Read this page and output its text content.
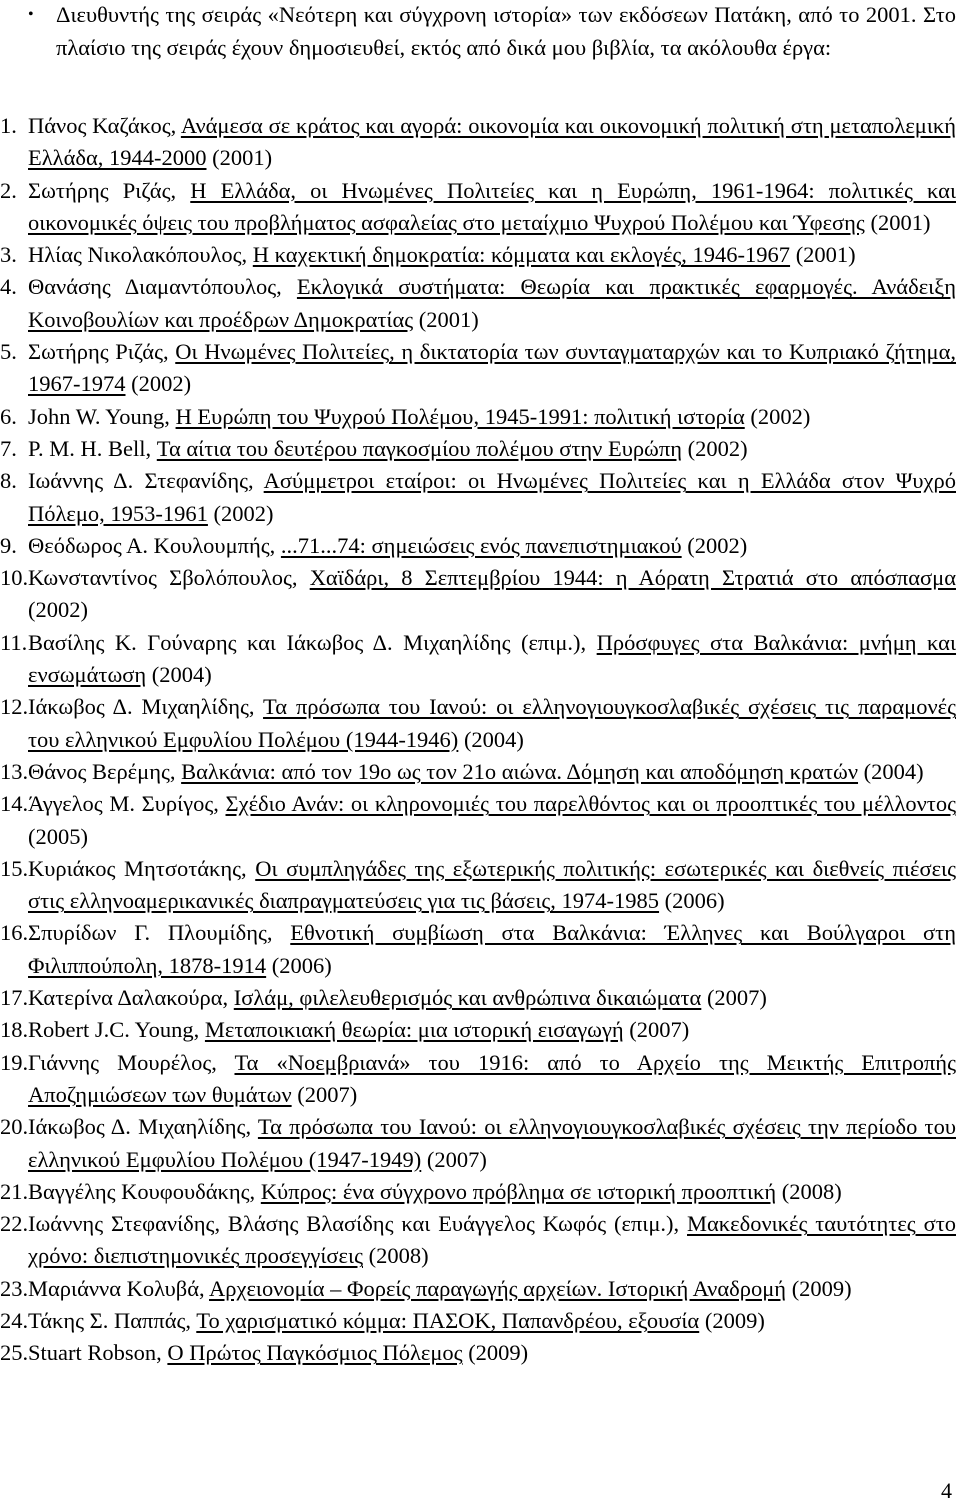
• Διευθυντής της σειράς «Νεότερη και σύγχρονη ιστορία» των εκδόσεων Πατάκη, από το 2001. Στο πλαίσιο της σειράς έχουν δημοσιευθεί, εκτός από δικά μου βιβλία, τα ακόλουθα έργα:
1. Πάνος Καζάκος, Ανάμεσα σε κράτος και αγορά: οικονομία και οικονομική πολιτική στη μεταπολεμική Ελλάδα, 1944-2000 (2001)
2. Σωτήρης Ριζάς, Η Ελλάδα, οι Ηνωμένες Πολιτείες και η Ευρώπη, 1961-1964: πολιτικές και οικονομικές όψεις του προβλήματος ασφαλείας στο μεταίχμιο Ψυχρού Πολέμου και Ύφεσης (2001)
3. Ηλίας Νικολακόπουλος, Η καχεκτική δημοκρατία: κόμματα και εκλογές, 1946-1967 (2001)
4. Θανάσης Διαμαντόπουλος, Εκλογικά συστήματα: Θεωρία και πρακτικές εφαρμογές. Ανάδειξη Κοινοβουλίων και προέδρων Δημοκρατίας (2001)
5. Σωτήρης Ριζάς, Οι Ηνωμένες Πολιτείες, η δικτατορία των συνταγματαρχών και το Κυπριακό ζήτημα, 1967-1974 (2002)
6. John W. Young, Η Ευρώπη του Ψυχρού Πολέμου, 1945-1991: πολιτική ιστορία (2002)
7. P. M. H. Bell, Τα αίτια του δευτέρου παγκοσμίου πολέμου στην Ευρώπη (2002)
8. Ιωάννης Δ. Στεφανίδης, Ασύμμετροι εταίροι: οι Ηνωμένες Πολιτείες και η Ελλάδα στον Ψυχρό Πόλεμο, 1953-1961 (2002)
9. Θεόδωρος Α. Κουλουμπής, ...71...74: σημειώσεις ενός πανεπιστημιακού (2002)
10. Κωνσταντίνος Σβολόπουλος, Χαϊδάρι, 8 Σεπτεμβρίου 1944: η Αόρατη Στρατιά στο απόσπασμα (2002)
11. Βασίλης Κ. Γούναρης και Ιάκωβος Δ. Μιχαηλίδης (επιμ.), Πρόσφυγες στα Βαλκάνια: μνήμη και ενσωμάτωση (2004)
12. Ιάκωβος Δ. Μιχαηλίδης, Τα πρόσωπα του Ιανού: οι ελληνογιουγκοσλαβικές σχέσεις τις παραμονές του ελληνικού Εμφυλίου Πολέμου (1944-1946) (2004)
13. Θάνος Βερέμης, Βαλκάνια: από τον 19ο ως τον 21ο αιώνα. Δόμηση και αποδόμηση κρατών (2004)
14. Άγγελος Μ. Συρίγος, Σχέδιο Ανάν: οι κληρονομιές του παρελθόντος και οι προοπτικές του μέλλοντος (2005)
15. Κυριάκος Μητσοτάκης, Οι συμπληγάδες της εξωτερικής πολιτικής: εσωτερικές και διεθνείς πιέσεις στις ελληνοαμερικανικές διαπραγματεύσεις για τις βάσεις, 1974-1985 (2006)
16. Σπυρίδων Γ. Πλουμίδης, Εθνοτική συμβίωση στα Βαλκάνια: Έλληνες και Βούλγαροι στη Φιλιππούπολη, 1878-1914 (2006)
17. Κατερίνα Δαλακούρα, Ισλάμ, φιλελευθερισμός και ανθρώπινα δικαιώματα (2007)
18. Robert J.C. Young, Μεταποικιακή θεωρία: μια ιστορική εισαγωγή (2007)
19. Γιάννης Μουρέλος, Τα «Νοεμβριανά» του 1916: από το Αρχείο της Μεικτής Επιτροπής Αποζημιώσεων των θυμάτων (2007)
20. Ιάκωβος Δ. Μιχαηλίδης, Τα πρόσωπα του Ιανού: οι ελληνογιουγκοσλαβικές σχέσεις την περίοδο του ελληνικού Εμφυλίου Πολέμου (1947-1949) (2007)
21. Βαγγέλης Κουφουδάκης, Κύπρος: ένα σύγχρονο πρόβλημα σε ιστορική προοπτική (2008)
22. Ιωάννης Στεφανίδης, Βλάσης Βλασίδης και Ευάγγελος Κωφός (επιμ.), Μακεδονικές ταυτότητες στο χρόνο: διεπιστημονικές προσεγγίσεις (2008)
23. Μαριάννα Κολυβά, Αρχειονομία – Φορείς παραγωγής αρχείων. Ιστορική Αναδρομή (2009)
24. Τάκης Σ. Παππάς, Το χαρισματικό κόμμα: ΠΑΣΟΚ, Παπανδρέου, εξουσία (2009)
25. Stuart Robson, Ο Πρώτος Παγκόσμιος Πόλεμος (2009)
4
